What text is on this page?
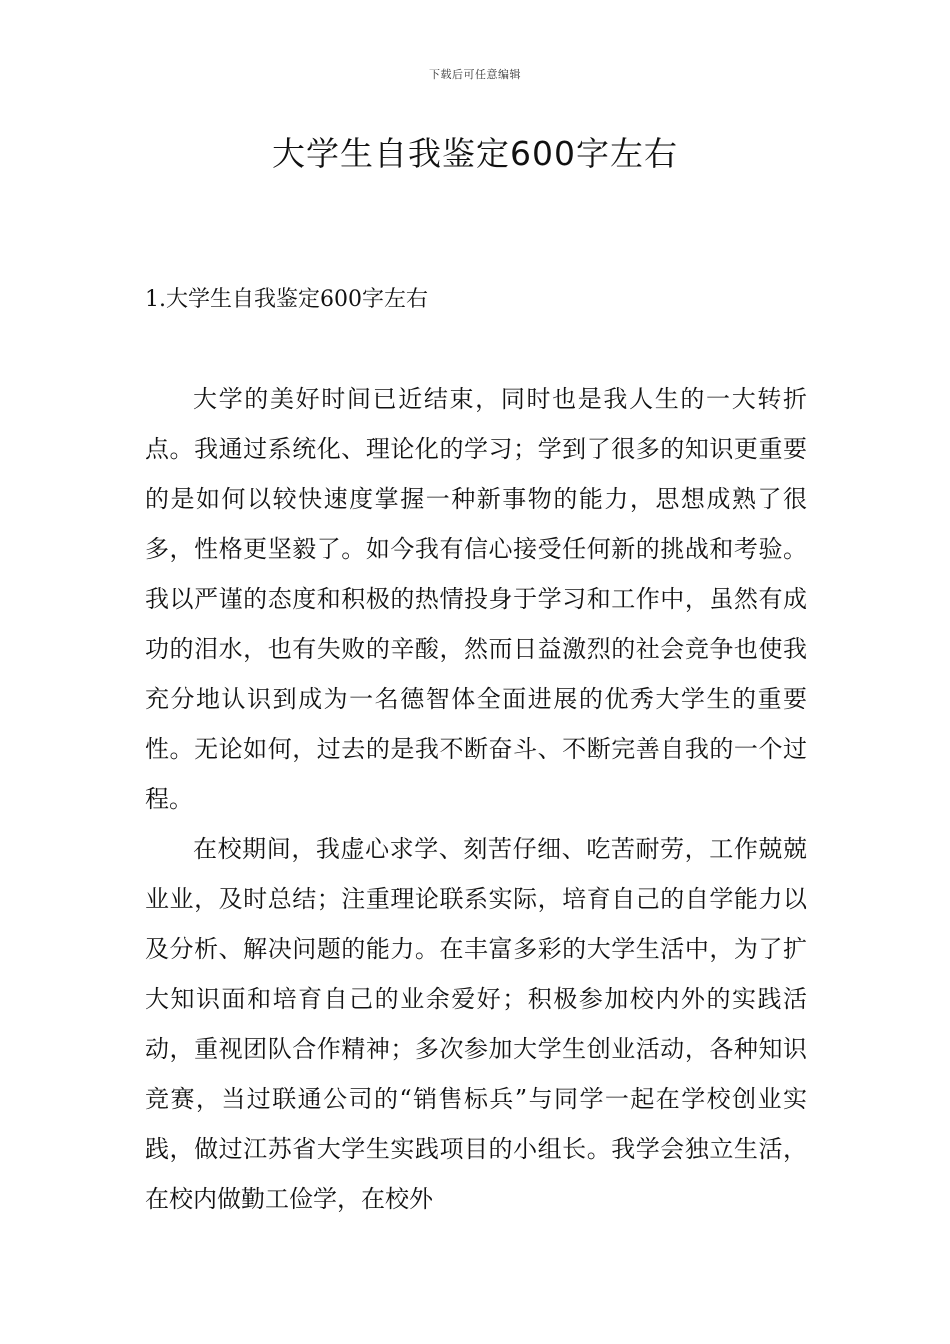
下载后可任意编辑
大学生自我鉴定600字左右
1.大学生自我鉴定600字左右

大学的美好时间已近结束，同时也是我人生的一大转折点。我通过系统化、理论化的学习；学到了很多的知识更重要的是如何以较快速度掌握一种新事物的能力，思想成熟了很多，性格更坚毅了。如今我有信心接受任何新的挑战和考验。我以严谨的态度和积极的热情投身于学习和工作中，虽然有成功的泪水，也有失败的辛酸，然而日益激烈的社会竞争也使我充分地认识到成为一名德智体全面进展的优秀大学生的重要性。无论如何，过去的是我不断奋斗、不断完善自我的一个过程。

在校期间，我虚心求学、刻苦仔细、吃苦耐劳，工作兢兢业业，及时总结；注重理论联系实际，培育自己的自学能力以及分析、解决问题的能力。在丰富多彩的大学生活中，为了扩大知识面和培育自己的业余爱好；积极参加校内外的实践活动，重视团队合作精神；多次参加大学生创业活动，各种知识竞赛，当过联通公司的“销售标兵”与同学一起在学校创业实践，做过江苏省大学生实践项目的小组长。我学会独立生活，在校内做勤工俭学，在校外
